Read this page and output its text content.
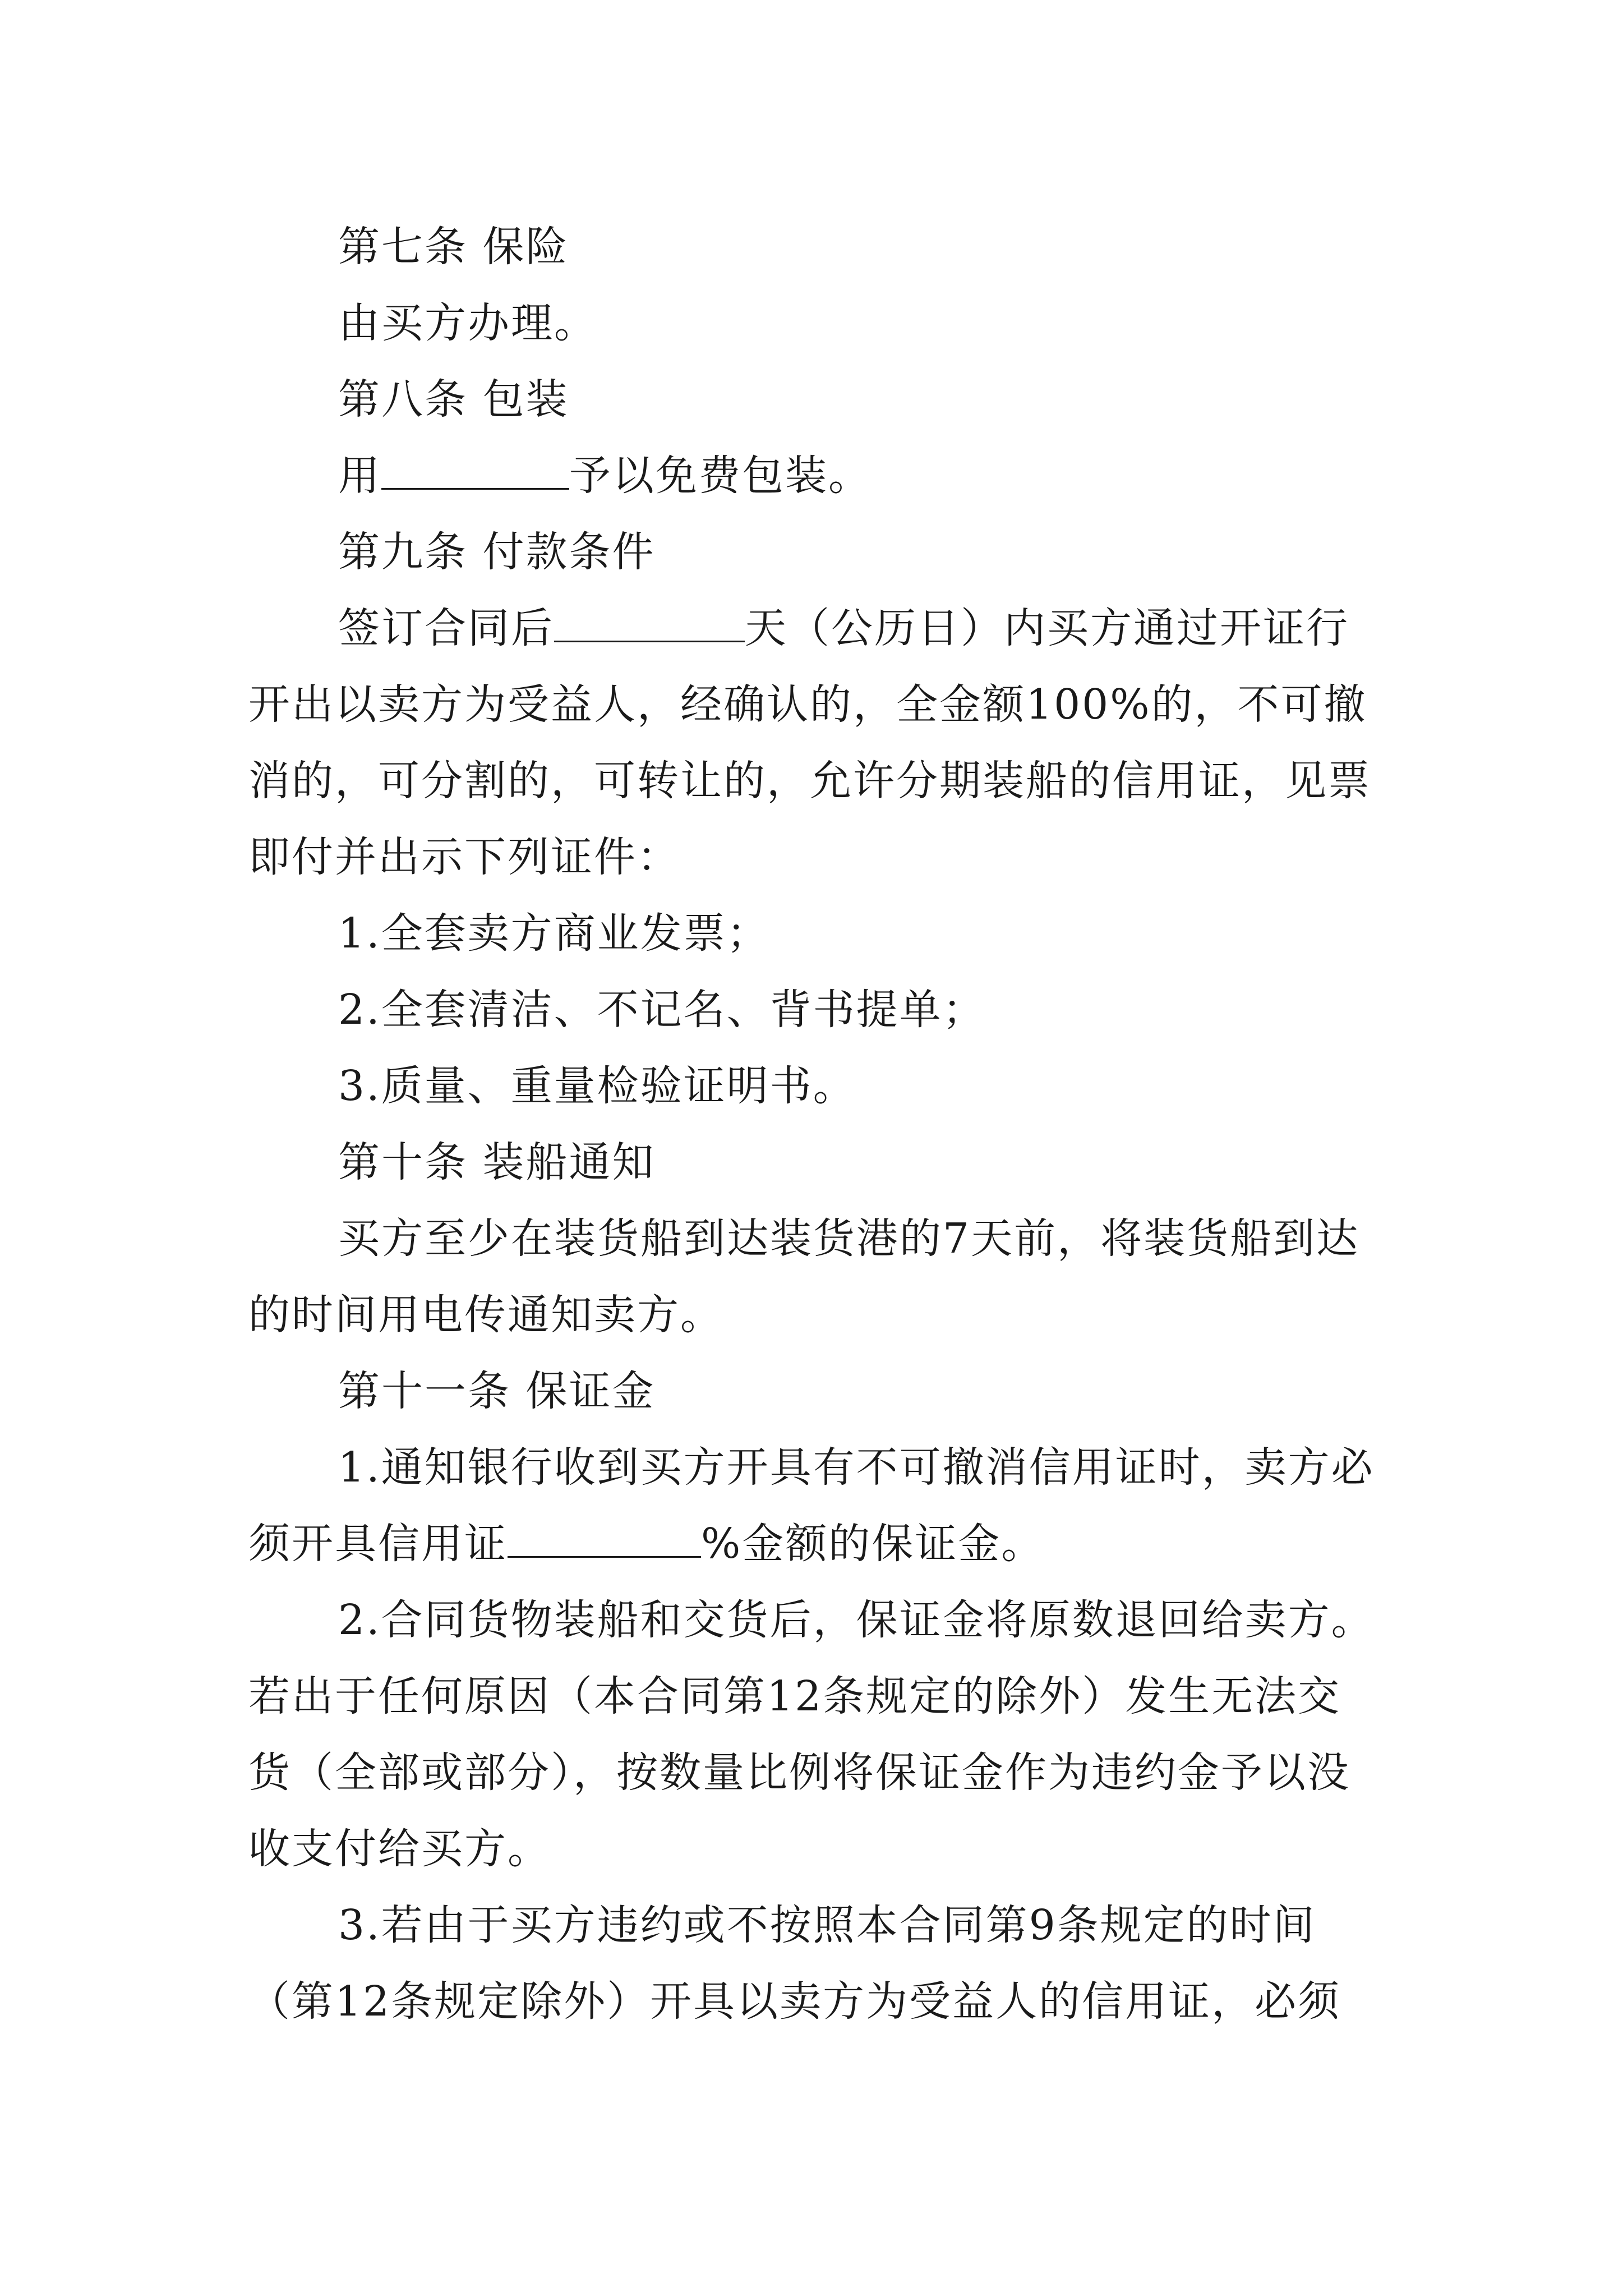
第七条 保险
由买方办理。
第八条 包装
用	予以免费包装。
第九条 付款条件
签订合同后	天（公历日）内买方通过开证行
开出以卖方为受益人，经确认的，全金额100%的，不可撤
消的，可分割的，可转让的，允许分期装船的信用证，见票
即付并出示下列证件：
1.全套卖方商业发票；
2.全套清洁、不记名、背书提单；
3.质量、重量检验证明书。
第十条 装船通知
买方至少在装货船到达装货港的7天前，将装货船到达
的时间用电传通知卖方。
第十一条 保证金
1.通知银行收到买方开具有不可撤消信用证时，卖方必
须开具信用证	%金额的保证金。
2.合同货物装船和交货后，保证金将原数退回给卖方。
若出于任何原因（本合同第12条规定的除外）发生无法交
货（全部或部分），按数量比例将保证金作为违约金予以没
收支付给买方。
3.若由于买方违约或不按照本合同第9条规定的时间
（第12条规定除外）开具以卖方为受益人的信用证，必须
